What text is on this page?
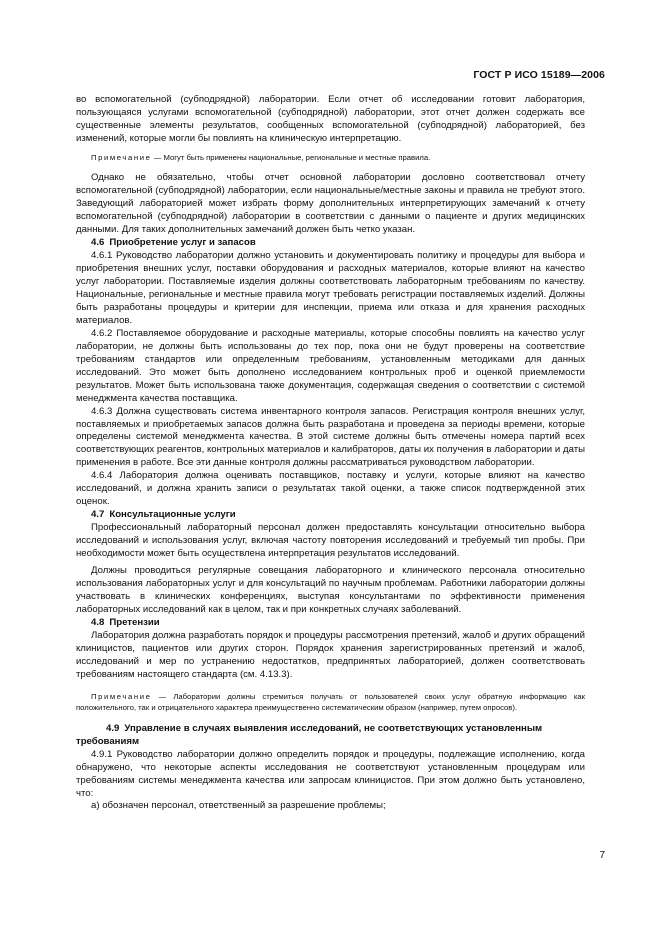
ГОСТ Р ИСО 15189—2006

во вспомогательной (субподрядной) лаборатории. Если отчет об исследовании готовит лаборатория, пользующаяся услугами вспомогательной (субподрядной) лаборатории, этот отчет должен содержать все существенные элементы результатов, сообщенных вспомогательной (субподрядной) лабораторией, без изменений, которые могли бы повлиять на клиническую интерпретацию.

Примечание — Могут быть применены национальные, региональные и местные правила.

Однако не обязательно, чтобы отчет основной лаборатории дословно соответствовал отчету вспомогательной (субподрядной) лаборатории, если национальные/местные законы и правила не требуют этого. Заведующий лабораторией может избрать форму дополнительных интерпретирующих замечаний к отчету вспомогательной (субподрядной) лаборатории в соответствии с данными о пациенте и других медицинских данными. Для таких дополнительных замечаний должен быть четко указан.

4.6 Приобретение услуг и запасов

4.6.1 Руководство лаборатории должно установить и документировать политику и процедуры для выбора и приобретения внешних услуг, поставки оборудования и расходных материалов, которые влияют на качество услуг лаборатории. Поставляемые изделия должны соответствовать лабораторным требованиям по качеству. Национальные, региональные и местные правила могут требовать регистрации поставляемых изделий. Должны быть разработаны процедуры и критерии для инспекции, приема или отказа и для хранения расходных материалов.

4.6.2 Поставляемое оборудование и расходные материалы, которые способны повлиять на качество услуг лаборатории, не должны быть использованы до тех пор, пока они не будут проверены на соответствие требованиям стандартов или определенным требованиям, установленным методиками для данных исследований. Это может быть дополнено исследованием контрольных проб и оценкой приемлемости результатов. Может быть использована также документация, содержащая сведения о соответствии с системой менеджмента качества поставщика.

4.6.3 Должна существовать система инвентарного контроля запасов. Регистрация контроля внешних услуг, поставляемых и приобретаемых запасов должна быть разработана и проведена за периоды времени, которые определены системой менеджмента качества. В этой системе должны быть отмечены номера партий всех соответствующих реагентов, контрольных материалов и калибраторов, даты их получения в лаборатории и даты применения в работе. Все эти данные контроля должны рассматриваться руководством лаборатории.

4.6.4 Лаборатория должна оценивать поставщиков, поставку и услуги, которые влияют на качество исследований, и должна хранить записи о результатах такой оценки, а также список подтвержденной этих оценок.

4.7 Консультационные услуги

Профессиональный лабораторный персонал должен предоставлять консультации относительно выбора исследований и использования услуг, включая частоту повторения исследований и требуемый тип пробы. При необходимости может быть осуществлена интерпретация результатов исследований.

Должны проводиться регулярные совещания лабораторного и клинического персонала относительно использования лабораторных услуг и для консультаций по научным проблемам. Работники лаборатории должны участвовать в клинических конференциях, выступая консультантами по эффективности применения лабораторных исследований как в целом, так и при конкретных случаях заболеваний.

4.8 Претензии

Лаборатория должна разработать порядок и процедуры рассмотрения претензий, жалоб и других обращений клиницистов, пациентов или других сторон. Порядок хранения зарегистрированных претензий и жалоб, исследований и мер по устранению недостатков, предпринятых лабораторией, должен соответствовать требованиям настоящего стандарта (см. 4.13.3).

Примечание — Лаборатории должны стремиться получать от пользователей своих услуг обратную информацию как положительного, так и отрицательного характера преимущественно систематическим образом (например, путем опросов).

4.9 Управление в случаях выявления исследований, не соответствующих установленным требованиям

4.9.1 Руководство лаборатории должно определить порядок и процедуры, подлежащие исполнению, когда обнаружено, что некоторые аспекты исследования не соответствуют установленным процедурам или требованиям системы менеджмента качества или запросам клиницистов. При этом должно быть установлено, что:

а) обозначен персонал, ответственный за разрешение проблемы;

7
